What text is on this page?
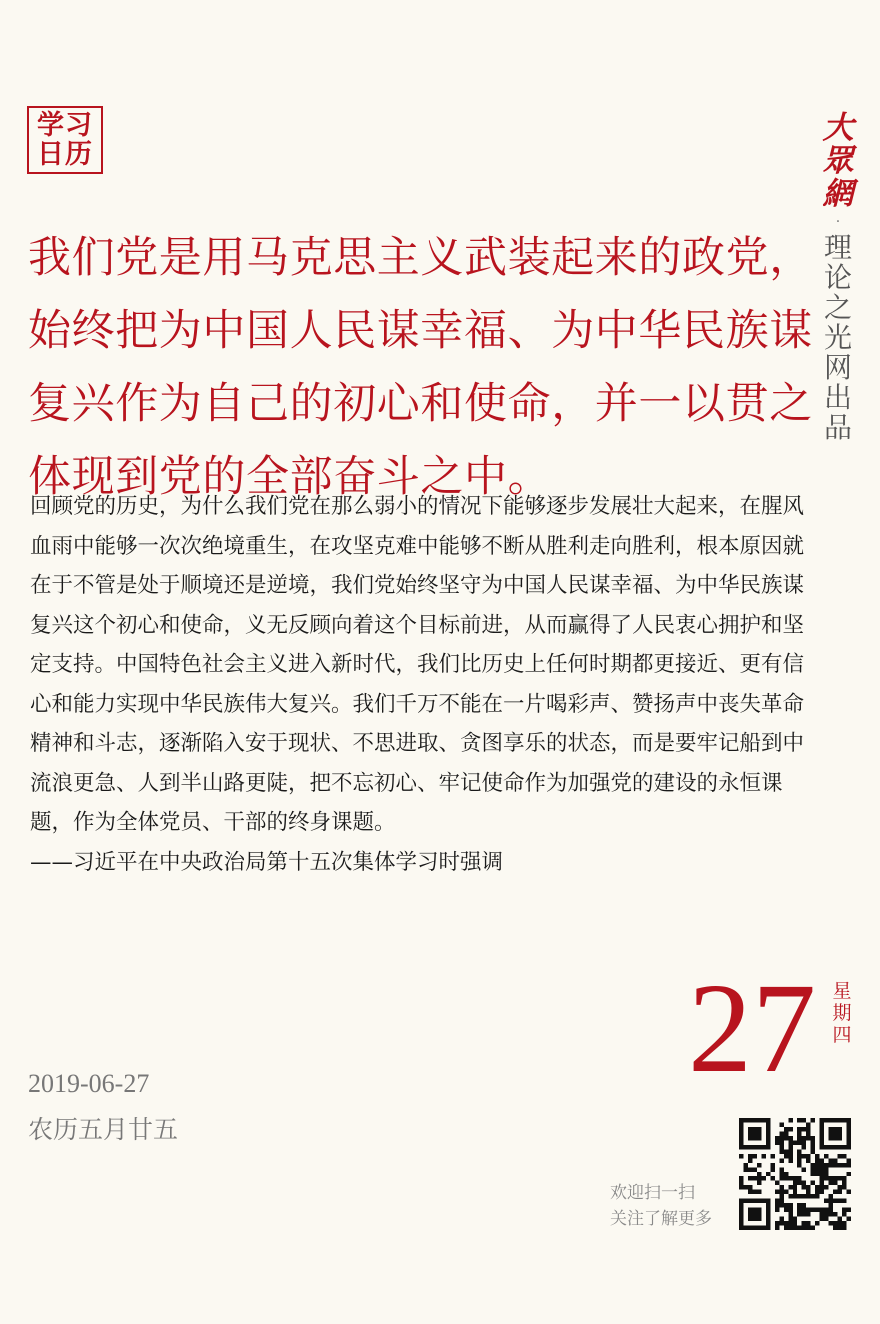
学习
日历
大
眾
網
·
理
论
之
光
网
出
品

我们党是用马克思主义武装起来的政党，始终把为中国人民谋幸福、为中华民族谋复兴作为自己的初心和使命，并一以贯之体现到党的全部奋斗之中。

回顾党的历史，为什么我们党在那么弱小的情况下能够逐步发展壮大起来，在腥风血雨中能够一次次绝境重生，在攻坚克难中能够不断从胜利走向胜利，根本原因就在于不管是处于顺境还是逆境，我们党始终坚守为中国人民谋幸福、为中华民族谋复兴这个初心和使命，义无反顾向着这个目标前进，从而赢得了人民衷心拥护和坚定支持。中国特色社会主义进入新时代，我们比历史上任何时期都更接近、更有信心和能力实现中华民族伟大复兴。我们千万不能在一片喝彩声、赞扬声中丧失革命精神和斗志，逐渐陷入安于现状、不思进取、贪图享乐的状态，而是要牢记船到中流浪更急、人到半山路更陡，把不忘初心、牢记使命作为加强党的建设的永恒课题，作为全体党员、干部的终身课题。
——习近平在中央政治局第十五次集体学习时强调

27 星
期
四
2019-06-27
农历五月廿五
欢迎扫一扫
关注了解更多
